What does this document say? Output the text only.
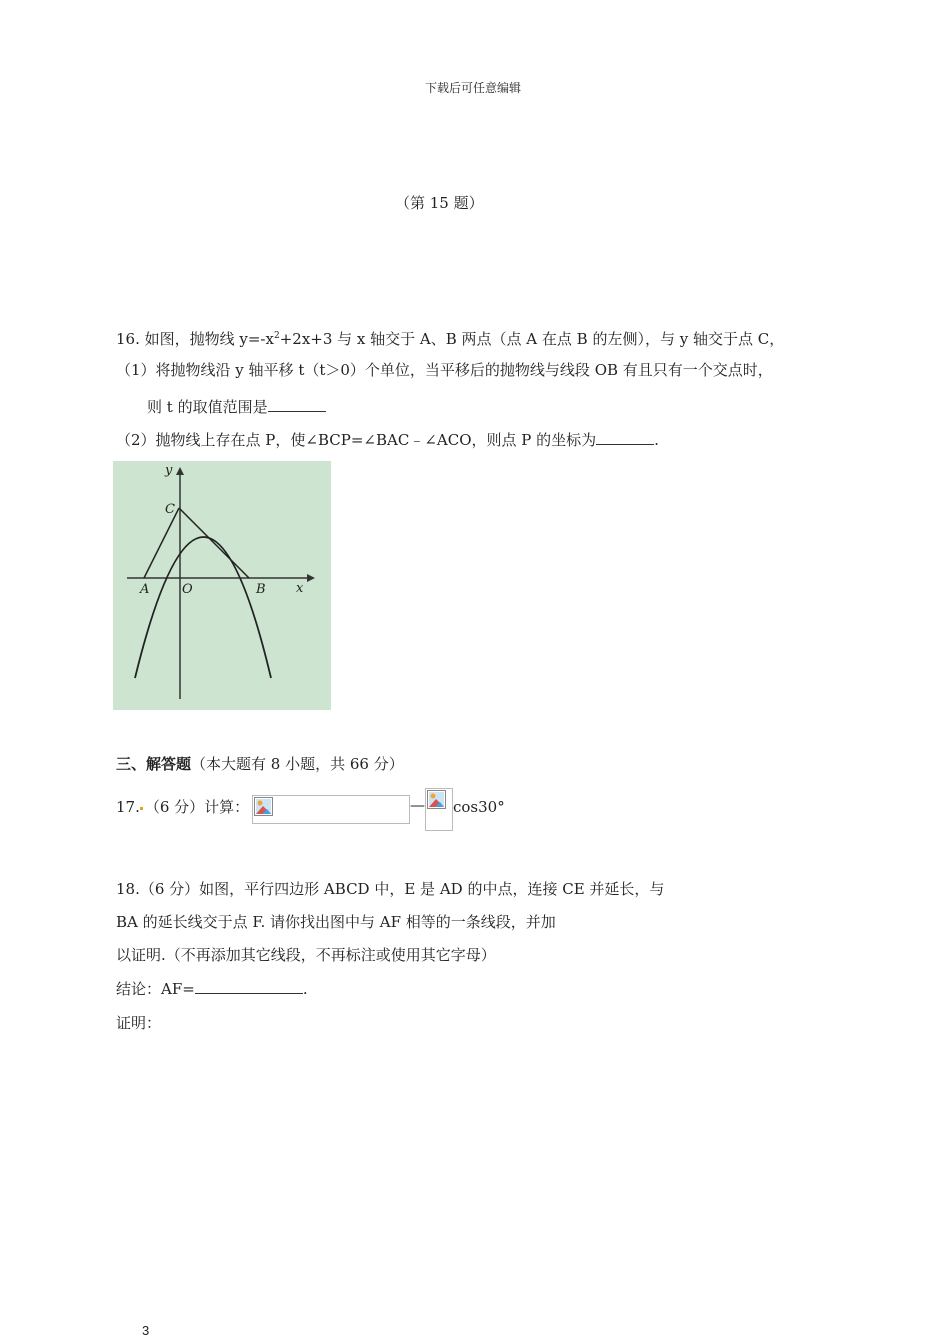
下载后可任意编辑
（第 15 题）
16. 如图，抛物线 $y=-x^2+2x+3$ 与 x 轴交于 A、B 两点（点 A 在点 B 的左侧），与 y 轴交于点 C，
（1）将抛物线沿 y 轴平移 t（t＞0）个单位，当平移后的抛物线与线段 OB 有且只有一个交点时，
则 t 的取值范围是
（2）抛物线上存在点 P，使∠BCP=∠BAC﹣∠ACO，则点 P 的坐标为	.
y
x
C
A	O	B
三、解答题（本大题有 8 小题，共 66 分）
17. （6 分）计算：	— cos30°
18.（6 分）如图，平行四边形 ABCD 中，E 是 AD 的中点，连接 CE 并延长，与
BA 的延长线交于点 F. 请你找出图中与 AF 相等的一条线段，并加
以证明.（不再添加其它线段，不再标注或使用其它字母）
结论：AF=	.
证明：
3
